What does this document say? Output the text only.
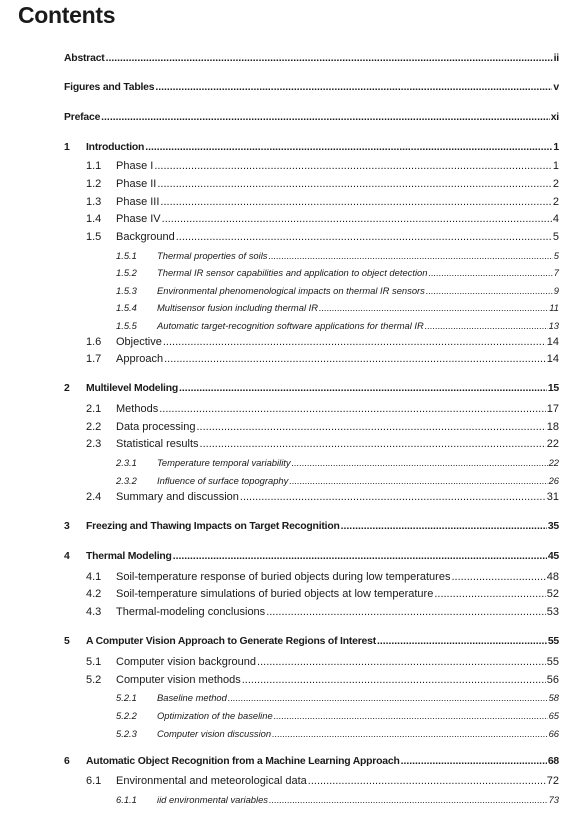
Contents
Abstract .....	ii
Figures and Tables .....	v
Preface .....	xi
1 Introduction .....	1
1.1 Phase I .....	1
1.2 Phase II .....	2
1.3 Phase III .....	2
1.4 Phase IV .....	4
1.5 Background .....	5
1.5.1 Thermal properties of soils .....	5
1.5.2 Thermal IR sensor capabilities and application to object detection .....	7
1.5.3 Environmental phenomenological impacts on thermal IR sensors .....	9
1.5.4 Multisensor fusion including thermal IR .....	11
1.5.5 Automatic target-recognition software applications for thermal IR .....	13
1.6 Objective .....	14
1.7 Approach .....	14
2 Multilevel Modeling .....	15
2.1 Methods .....	17
2.2 Data processing .....	18
2.3 Statistical results .....	22
2.3.1 Temperature temporal variability .....	22
2.3.2 Influence of surface topography .....	26
2.4 Summary and discussion .....	31
3 Freezing and Thawing Impacts on Target Recognition .....	35
4 Thermal Modeling .....	45
4.1 Soil-temperature response of buried objects during low temperatures .....	48
4.2 Soil-temperature simulations of buried objects at low temperature .....	52
4.3 Thermal-modeling conclusions .....	53
5 A Computer Vision Approach to Generate Regions of Interest .....	55
5.1 Computer vision background .....	55
5.2 Computer vision methods .....	56
5.2.1 Baseline method .....	58
5.2.2 Optimization of the baseline .....	65
5.2.3 Computer vision discussion .....	66
6 Automatic Object Recognition from a Machine Learning Approach .....	68
6.1 Environmental and meteorological data .....	72
6.1.1 iid environmental variables .....	73
